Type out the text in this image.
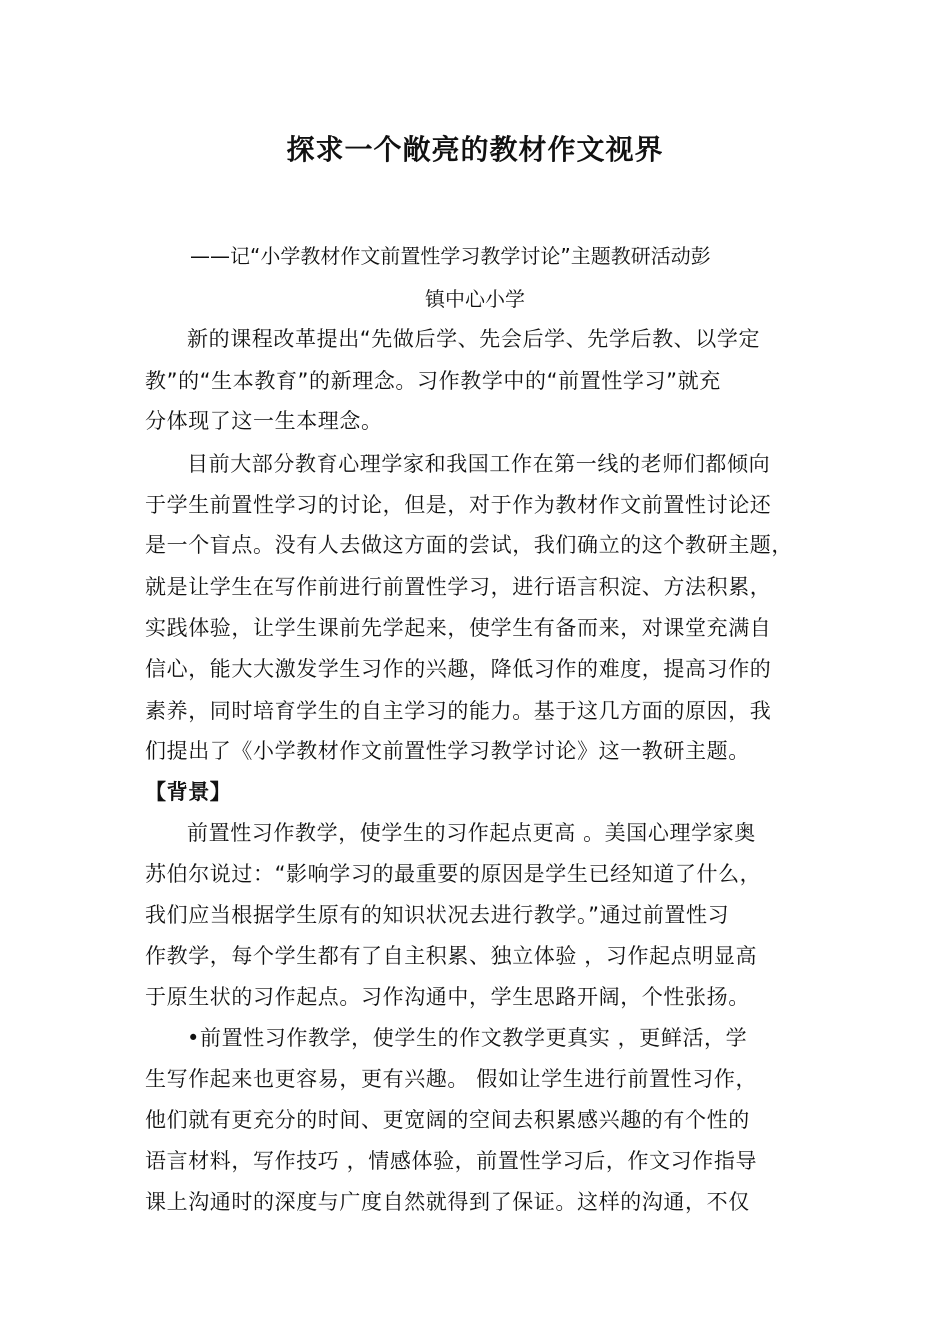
探求一个敞亮的教材作文视界
——记“小学教材作文前置性学习教学讨论”主题教研活动彭
镇中心小学
新的课程改革提出“先做后学、先会后学、先学后教、以学定
教”的“生本教育”的新理念。习作教学中的“前置性学习”就充
分体现了这一生本理念。
目前大部分教育心理学家和我国工作在第一线的老师们都倾向
于学生前置性学习的讨论，但是，对于作为教材作文前置性讨论还
是一个盲点。没有人去做这方面的尝试，我们确立的这个教研主题，
就是让学生在写作前进行前置性学习，进行语言积淀、方法积累，
实践体验，让学生课前先学起来，使学生有备而来，对课堂充满自
信心，能大大激发学生习作的兴趣，降低习作的难度，提高习作的
素养，同时培育学生的自主学习的能力。基于这几方面的原因，我
们提出了《小学教材作文前置性学习教学讨论》这一教研主题。
【背景】
前置性习作教学，使学生的习作起点更高 。美国心理学家奥
苏伯尔说过：“影响学习的最重要的原因是学生已经知道了什么，
我们应当根据学生原有的知识状况去进行教学。”通过前置性习
作教学，每个学生都有了自主积累、独立体验 ，习作起点明显高
于原生状的习作起点。习作沟通中，学生思路开阔，个性张扬。
•前置性习作教学，使学生的作文教学更真实 ，更鲜活，学
生写作起来也更容易，更有兴趣。 假如让学生进行前置性习作，
他们就有更充分的时间、更宽阔的空间去积累感兴趣的有个性的
语言材料，写作技巧 ，情感体验，前置性学习后，作文习作指导
课上沟通时的深度与广度自然就得到了保证。这样的沟通，不仅
